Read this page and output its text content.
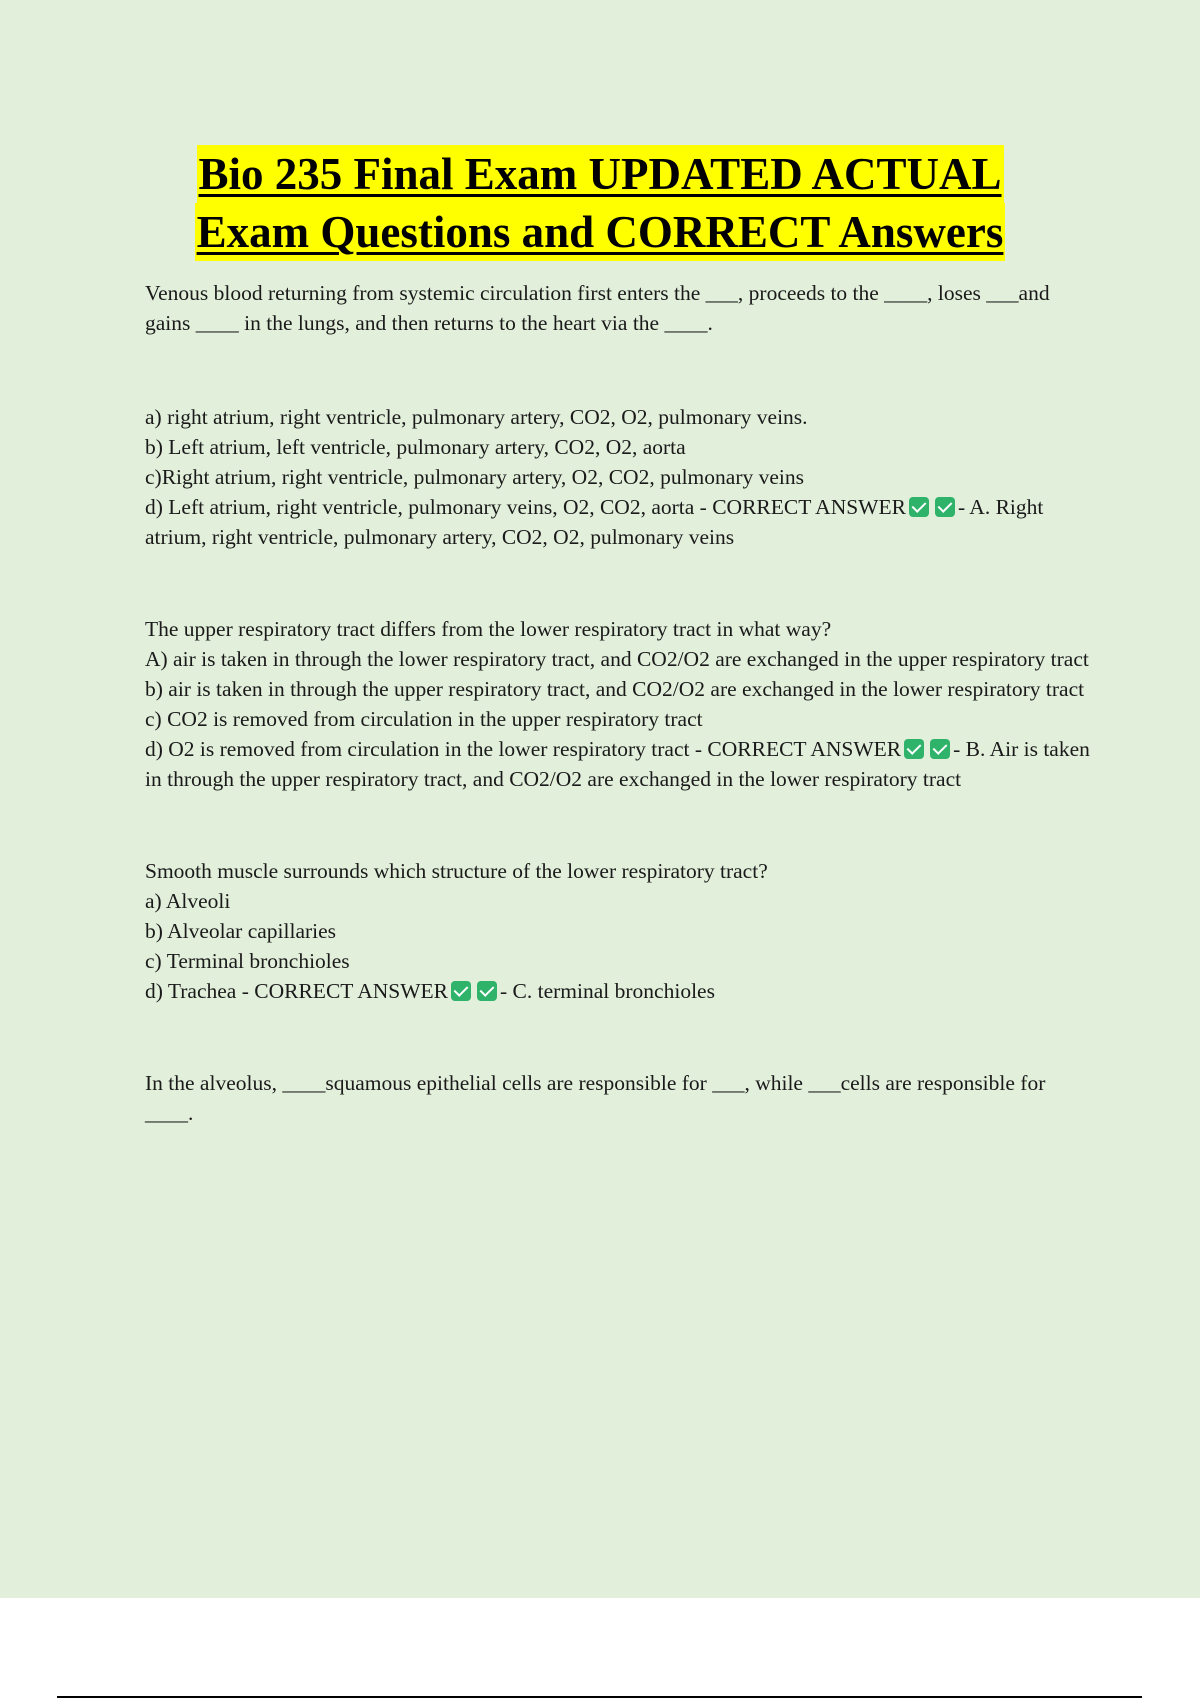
Bio 235 Final Exam UPDATED ACTUAL
Exam Questions and CORRECT Answers

Venous blood returning from systemic circulation first enters the ___, proceeds to the ____, loses ___and gains ____ in the lungs, and then returns to the heart via the ____.

a) right atrium, right ventricle, pulmonary artery, CO2, O2, pulmonary veins.

b) Left atrium, left ventricle, pulmonary artery, CO2, O2, aorta

c)Right atrium, right ventricle, pulmonary artery, O2, CO2, pulmonary veins

d) Left atrium, right ventricle, pulmonary veins, O2, CO2, aorta - CORRECT ANSWER - A. Right atrium, right ventricle, pulmonary artery, CO2, O2, pulmonary veins

The upper respiratory tract differs from the lower respiratory tract in what way?

A) air is taken in through the lower respiratory tract, and CO2/O2 are exchanged in the upper respiratory tract

b) air is taken in through the upper respiratory tract, and CO2/O2 are exchanged in the lower respiratory tract

c) CO2 is removed from circulation in the upper respiratory tract

d) O2 is removed from circulation in the lower respiratory tract - CORRECT ANSWER - B. Air is taken in through the upper respiratory tract, and CO2/O2 are exchanged in the lower respiratory tract

Smooth muscle surrounds which structure of the lower respiratory tract?

a) Alveoli

b) Alveolar capillaries

c) Terminal bronchioles

d) Trachea - CORRECT ANSWER - C. terminal bronchioles

In the alveolus, ____squamous epithelial cells are responsible for ___, while ___cells are responsible for ____.
